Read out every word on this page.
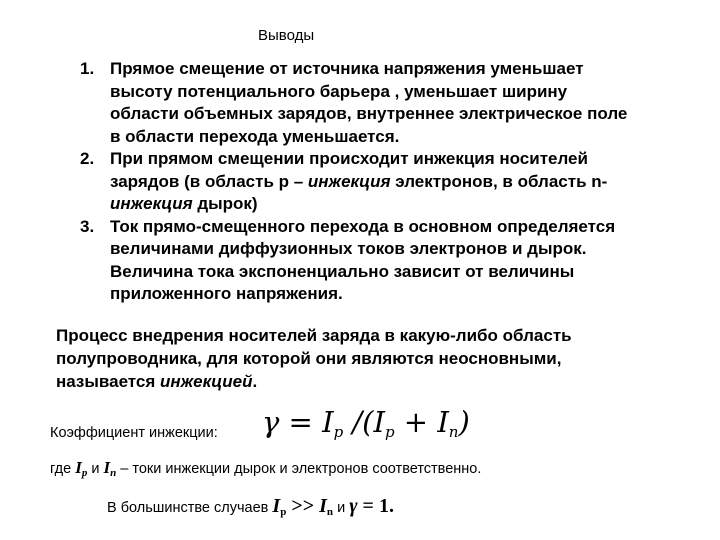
Выводы
1. Прямое смещение от источника напряжения уменьшает высоту потенциального барьера , уменьшает ширину области объемных зарядов, внутреннее электрическое поле в области перехода уменьшается.
2. При прямом смещении происходит инжекция носителей зарядов (в область р – инжекция электронов, в область n- инжекция дырок)
3. Ток прямо-смещенного перехода в основном определяется величинами диффузионных токов электронов и дырок. Величина тока экспоненциально зависит от величины приложенного напряжения.
Процесс внедрения носителей заряда в какую-либо область полупроводника, для которой они являются неосновными, называется инжекцией.
Коэффициент инжекции: $\gamma = I_p$ $/(I_p + I_n)$
где $I_p$ и $I_n$ – токи инжекции дырок и электронов соответственно.
В большинстве случаев $I_p >> I_n$ и γ = 1.
